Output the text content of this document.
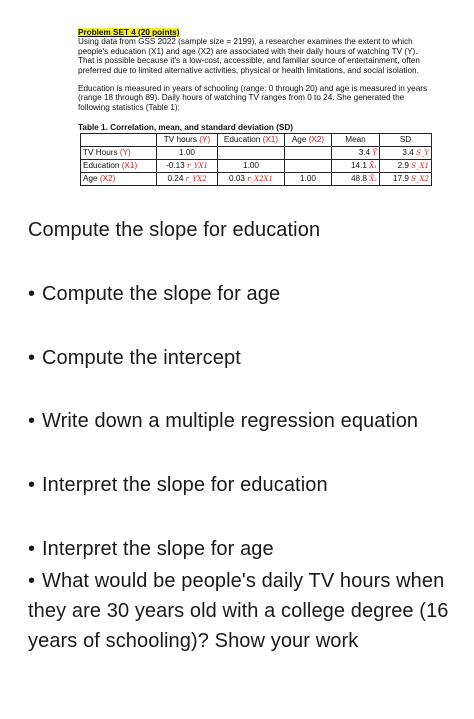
Problem SET 4 (20 points)

Using data from GSS 2022 (sample size = 2199), a researcher examines the extent to which people's education (X1) and age (X2) are associated with their daily hours of watching TV (Y). That is possible because it's a low-cost, accessible, and familiar source of entertainment, often preferred due to limited alternative activities, physical or health limitations, and social isolation.

Education is measured in years of schooling (range: 0 through 20) and age is measured in years (range 18 through 89). Daily hours of watching TV ranges from 0 to 24. She generated the following statistics (Table 1):

Table 1. Correlation, mean, and standard deviation (SD)
	TV hours (Y)	Education (X1)	Age (X2)	Mean	SD
TV Hours (Y)	1.00			3.4 Ȳ	3.4 S_Y
Education (X1)	-0.13 r_YX1	1.00		14.1 X̄₁	2.9 S_X1
Age (X2)	0.24 r_YX2	0.03 r_X2X1	1.00	48.8 X̄₂	17.9 S_X2
Compute the slope for education
• Compute the slope for age
• Compute the intercept
• Write down a multiple regression equation
• Interpret the slope for education
• Interpret the slope for age
• What would be people's daily TV hours when they are 30 years old with a college degree (16 years of schooling)? Show your work
